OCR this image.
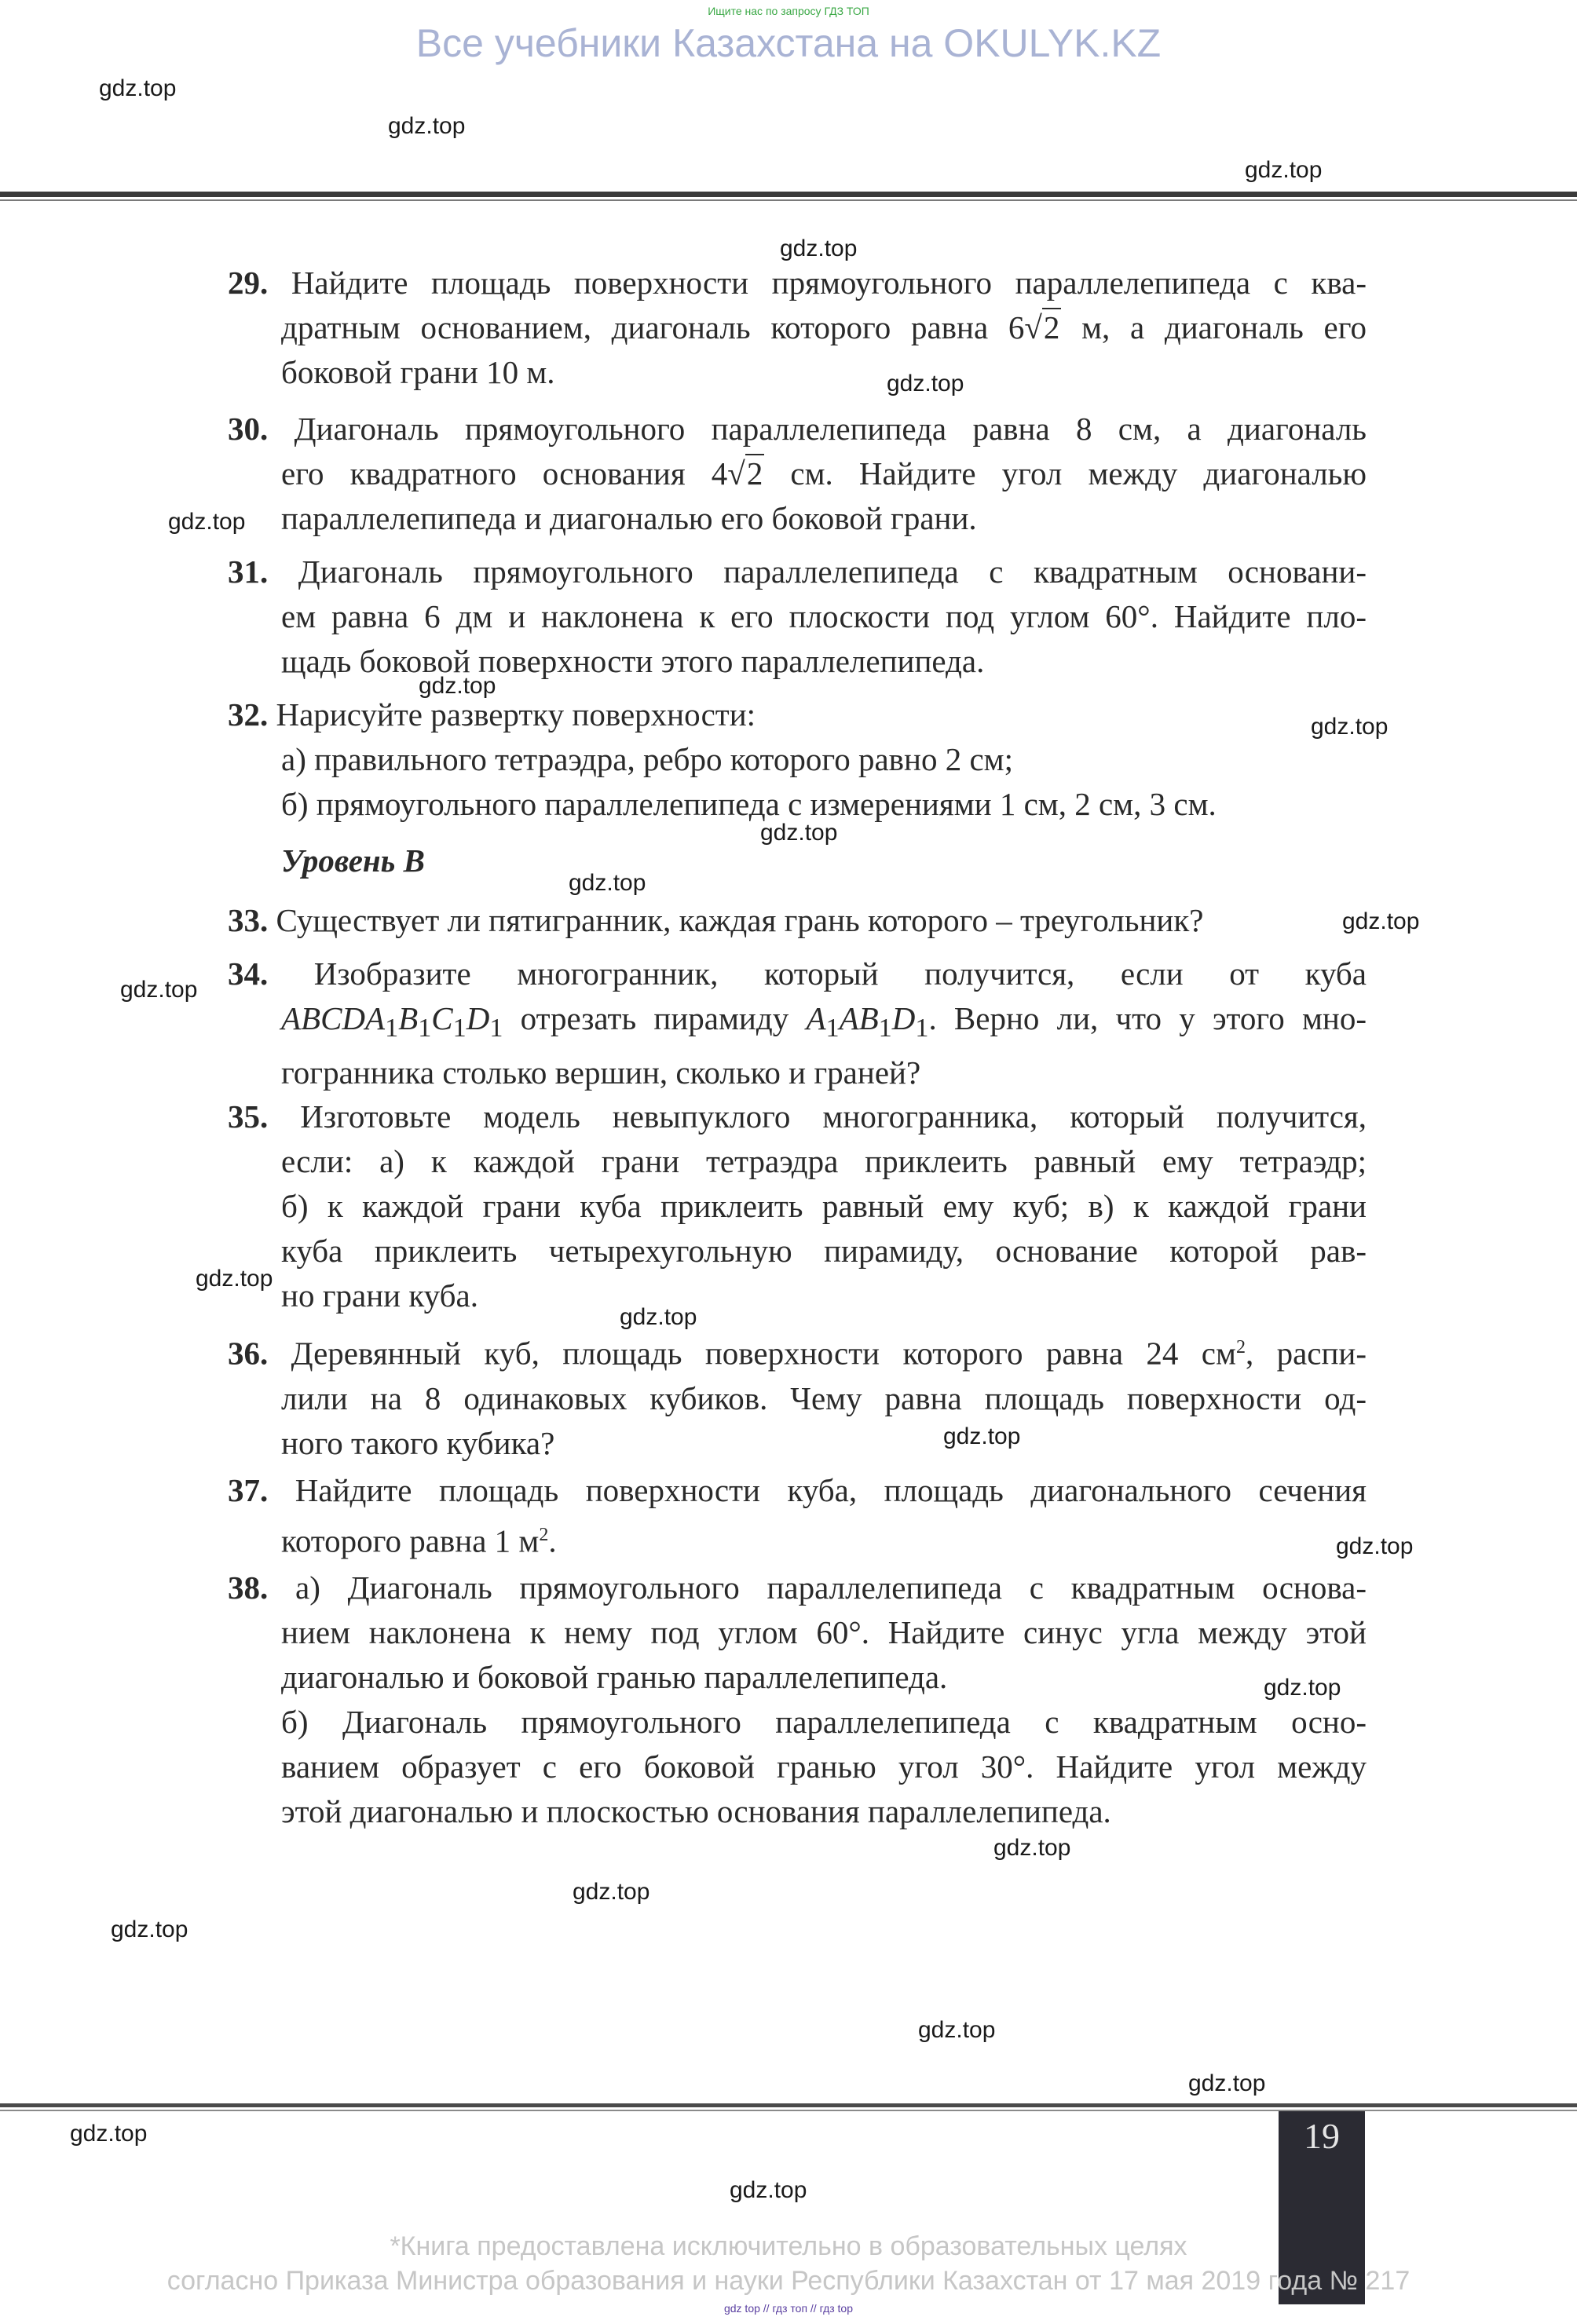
Ищите нас по запросу ГДЗ ТОП
Все учебники Казахстана на OKULYK.KZ
gdz.top
gdz.top
gdz.top
gdz.top
gdz.top
gdz.top
gdz.top
gdz.top
gdz.top
gdz.top
gdz.top
gdz.top
gdz.top
gdz.top
gdz.top
gdz.top
gdz.top
gdz.top
gdz.top
gdz.top
gdz.top
gdz.top
gdz.top
gdz.top
29. Найдите площадь поверхности прямоугольного параллелепипеда с ква-
дратным основанием, диагональ которого равна 6√2 м, а диагональ его
боковой грани 10 м.
30. Диагональ прямоугольного параллелепипеда равна 8 см, а диагональ
его квадратного основания 4√2 см. Найдите угол между диагональю
параллелепипеда и диагональю его боковой грани.
31. Диагональ прямоугольного параллелепипеда с квадратным основани-
ем равна 6 дм и наклонена к его плоскости под углом 60°. Найдите пло-
щадь боковой поверхности этого параллелепипеда.
32. Нарисуйте развертку поверхности:
а) правильного тетраэдра, ребро которого равно 2 см;
б) прямоугольного параллелепипеда с измерениями 1 см, 2 см, 3 см.
Уровень B
33. Существует ли пятигранник, каждая грань которого – треугольник?
34. Изобразите многогранник, который получится, если от куба
$ABCDA_1B_1C_1D_1$ отрезать пирамиду $A_1AB_1D_1$. Верно ли, что у этого мно-
гогранника столько вершин, сколько и граней?
35. Изготовьте модель невыпуклого многогранника, который получится,
если: а) к каждой грани тетраэдра приклеить равный ему тетраэдр;
б) к каждой грани куба приклеить равный ему куб; в) к каждой грани
куба приклеить четырехугольную пирамиду, основание которой рав-
но грани куба.
36. Деревянный куб, площадь поверхности которого равна 24 $см^2$, распи-
лили на 8 одинаковых кубиков. Чему равна площадь поверхности од-
ного такого кубика?
37. Найдите площадь поверхности куба, площадь диагонального сечения
которого равна 1 $м^2$.
38. а) Диагональ прямоугольного параллелепипеда с квадратным основа-
нием наклонена к нему под углом 60°. Найдите синус угла между этой
диагональю и боковой гранью параллелепипеда.
б) Диагональ прямоугольного параллелепипеда с квадратным осно-
ванием образует с его боковой гранью угол 30°. Найдите угол между
этой диагональю и плоскостью основания параллелепипеда.
19
*Книга предоставлена исключительно в образовательных целях
согласно Приказа Министра образования и науки Республики Казахстан от 17 мая 2019 года № 217
gdz top // гдз топ // гдз top
